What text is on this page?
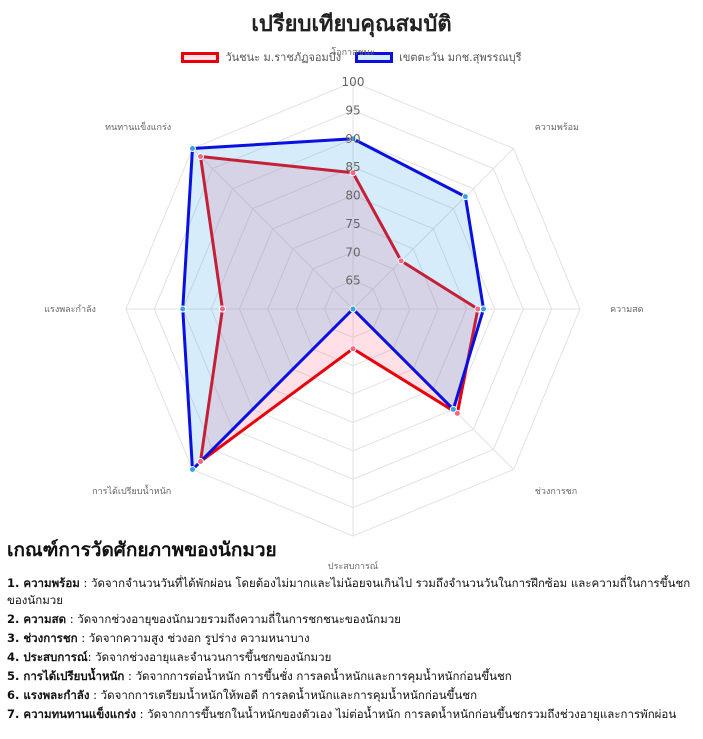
เปรียบเทียบคุณสมบัติ
วันชนะ ม.ราชภัฏจอมบึง	เขตตะวัน มกช.สุพรรณบุรี
65
70
75
80
85
90
95
100
โอกาสชนะ
ความพร้อม
ความสด
ช่วงการชก
ประสบการณ์
การได้เปรียบน้ำหนัก
แรงพละกำลัง
ทนทานแข็งแกร่ง
เกณฑ์การวัดศักยภาพของนักมวย
1. ความพร้อม : วัดจากจำนวนวันที่ได้พักผ่อน โดยต้องไม่มากและไม่น้อยจนเกินไป รวมถึงจำนวนวันในการฝึกซ้อม และความถี่ในการขึ้นชกของนักมวย
2. ความสด : วัดจากช่วงอายุของนักมวยรวมถึงความถี่ในการชกชนะของนักมวย
3. ช่วงการชก : วัดจากความสูง ช่วงอก รูปร่าง ความหนาบาง
4. ประสบการณ์: วัดจากช่วงอายุและจำนวนการขึ้นชกของนักมวย
5. การได้เปรียบน้ำหนัก : วัดจากการต่อน้ำหนัก การขึ้นชั่ง การลดน้ำหนักและการคุมน้ำหนักก่อนขึ้นชก
6. แรงพละกำลัง : วัดจากการเตรียมน้ำหนักให้พอดี การลดน้ำหนักและการคุมน้ำหนักก่อนขึ้นชก
7. ความทนทานแข็งแกร่ง : วัดจากการขึ้นชกในน้ำหนักของตัวเอง ไม่ต่อน้ำหนัก การลดน้ำหนักก่อนขึ้นชกรวมถึงช่วงอายุและการพักผ่อน
